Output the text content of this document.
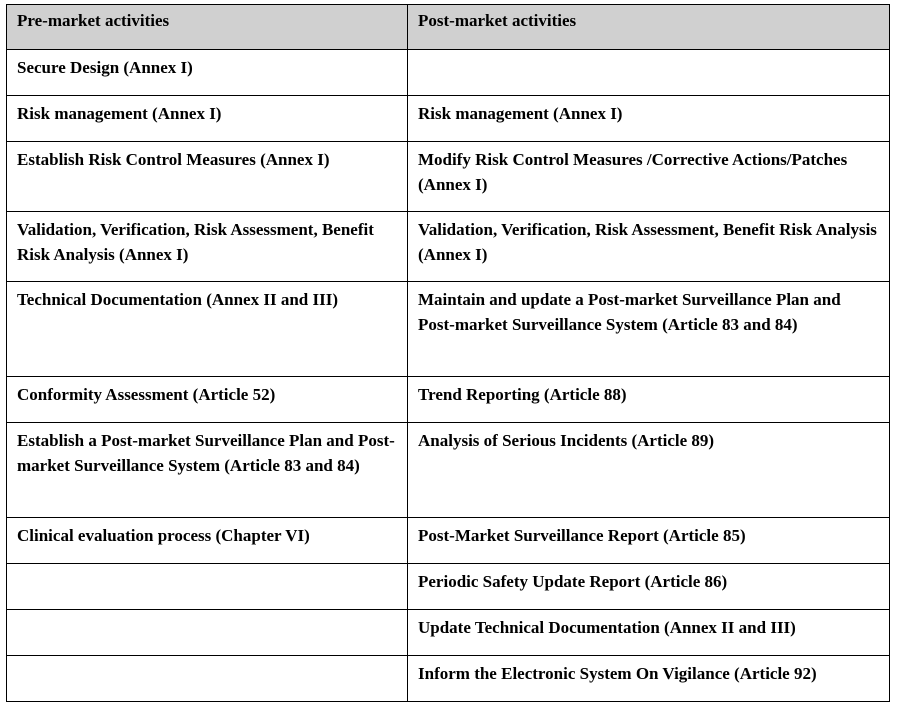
Pre-market activities	Post-market activities
Secure Design (Annex I)	
Risk management (Annex I)	Risk management (Annex I)
Establish Risk Control Measures (Annex I)	Modify Risk Control Measures /Corrective Actions/Patches (Annex I)
Validation, Verification, Risk Assessment, Benefit Risk Analysis (Annex I)	Validation, Verification, Risk Assessment, Benefit Risk Analysis (Annex I)
Technical Documentation (Annex II and III)	Maintain and update a Post-market Surveillance Plan and Post-market Surveillance System (Article 83 and 84)
Conformity Assessment (Article 52)	Trend Reporting (Article 88)
Establish a Post-market Surveillance Plan and Post-market Surveillance System (Article 83 and 84)	Analysis of Serious Incidents (Article 89)
Clinical evaluation process (Chapter VI)	Post-Market Surveillance Report (Article 85)
	Periodic Safety Update Report (Article 86)
	Update Technical Documentation (Annex II and III)
	Inform the Electronic System On Vigilance (Article 92)
